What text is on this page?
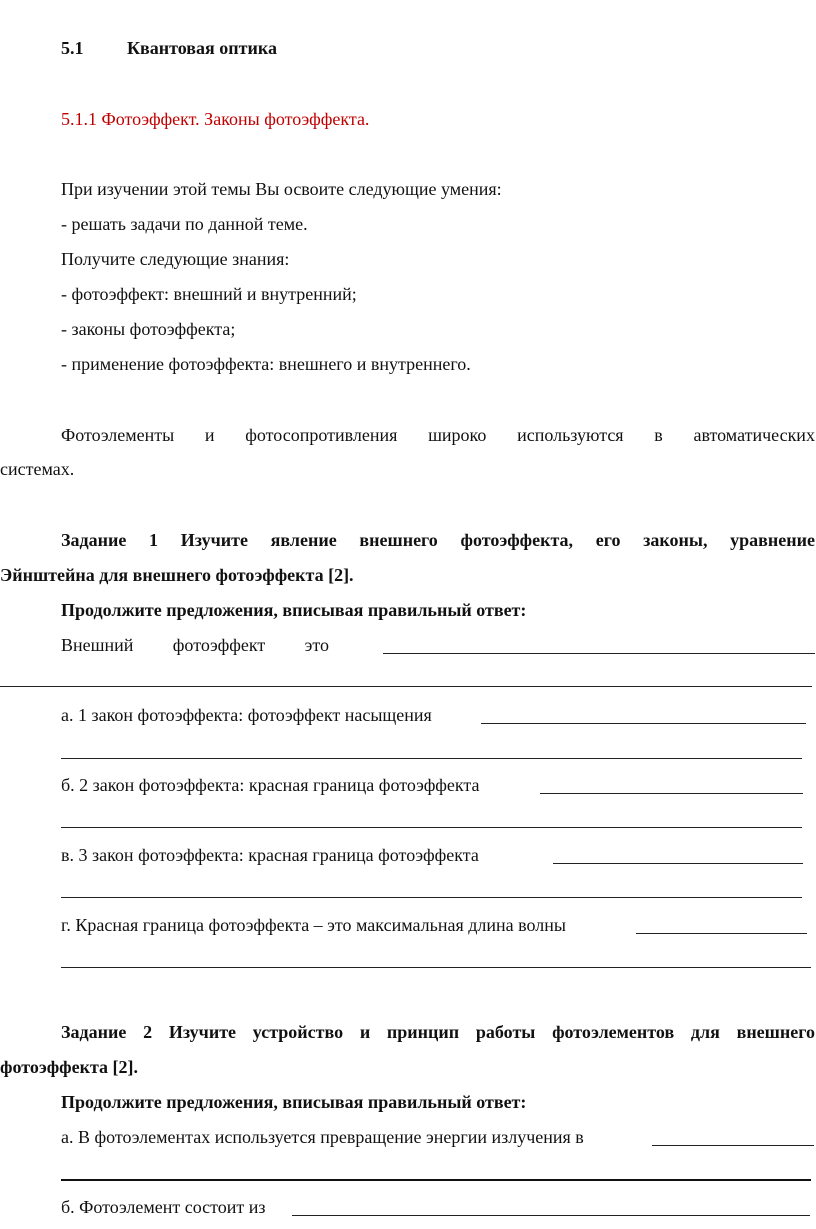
5.1 Квантовая оптика
5.1.1 Фотоэффект. Законы фотоэффекта.
При изучении этой темы Вы освоите следующие умения:
- решать задачи по данной теме.
Получите следующие знания:
- фотоэффект: внешний и внутренний;
- законы фотоэффекта;
- применение фотоэффекта: внешнего и внутреннего.
Фотоэлементы и фотосопротивления широко используются в автоматических
системах.
Задание 1 Изучите явление внешнего фотоэффекта, его законы, уравнение
Эйнштейна для внешнего фотоэффекта [2].
Продолжите предложения, вписывая правильный ответ:
Внешний фотоэффект это
а. 1 закон фотоэффекта: фотоэффект насыщения
б. 2 закон фотоэффекта: красная граница фотоэффекта
в. 3 закон фотоэффекта: красная граница фотоэффекта
г. Красная граница фотоэффекта – это максимальная длина волны
Задание 2 Изучите устройство и принцип работы фотоэлементов для внешнего
фотоэффекта [2].
Продолжите предложения, вписывая правильный ответ:
а. В фотоэлементах используется превращение энергии излучения в
б. Фотоэлемент состоит из
